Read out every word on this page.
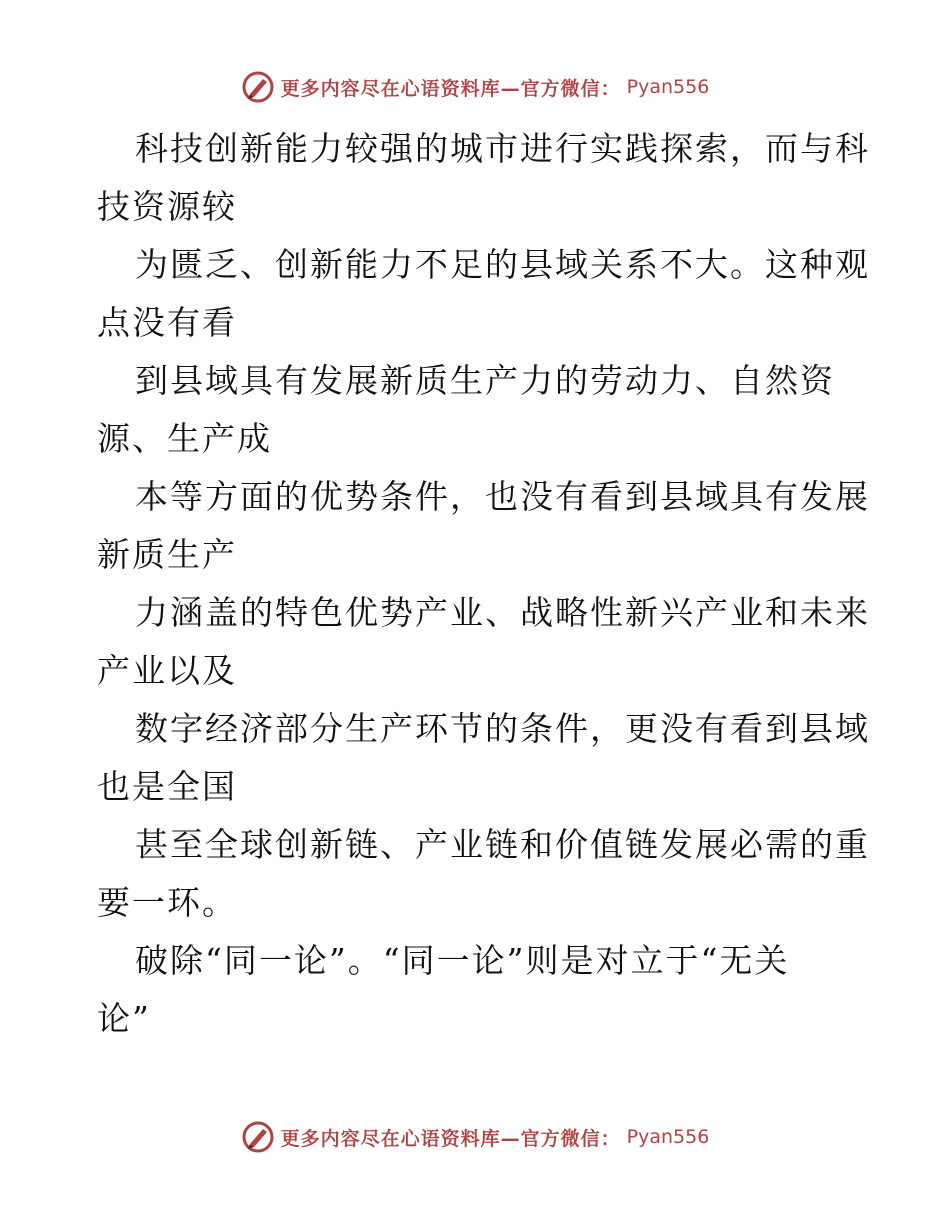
更多内容尽在心语资料库—官方微信： Pyan556

科技创新能力较强的城市进行实践探索，而与科
技资源较

为匮乏、创新能力不足的县域关系不大。这种观
点没有看

到县域具有发展新质生产力的劳动力、自然资
源、生产成

本等方面的优势条件，也没有看到县域具有发展
新质生产

力涵盖的特色优势产业、战略性新兴产业和未来
产业以及

数字经济部分生产环节的条件，更没有看到县域
也是全国

甚至全球创新链、产业链和价值链发展必需的重
要一环。

破除“同一论”。“同一论”则是对立于“无关
论”

更多内容尽在心语资料库—官方微信： Pyan556
